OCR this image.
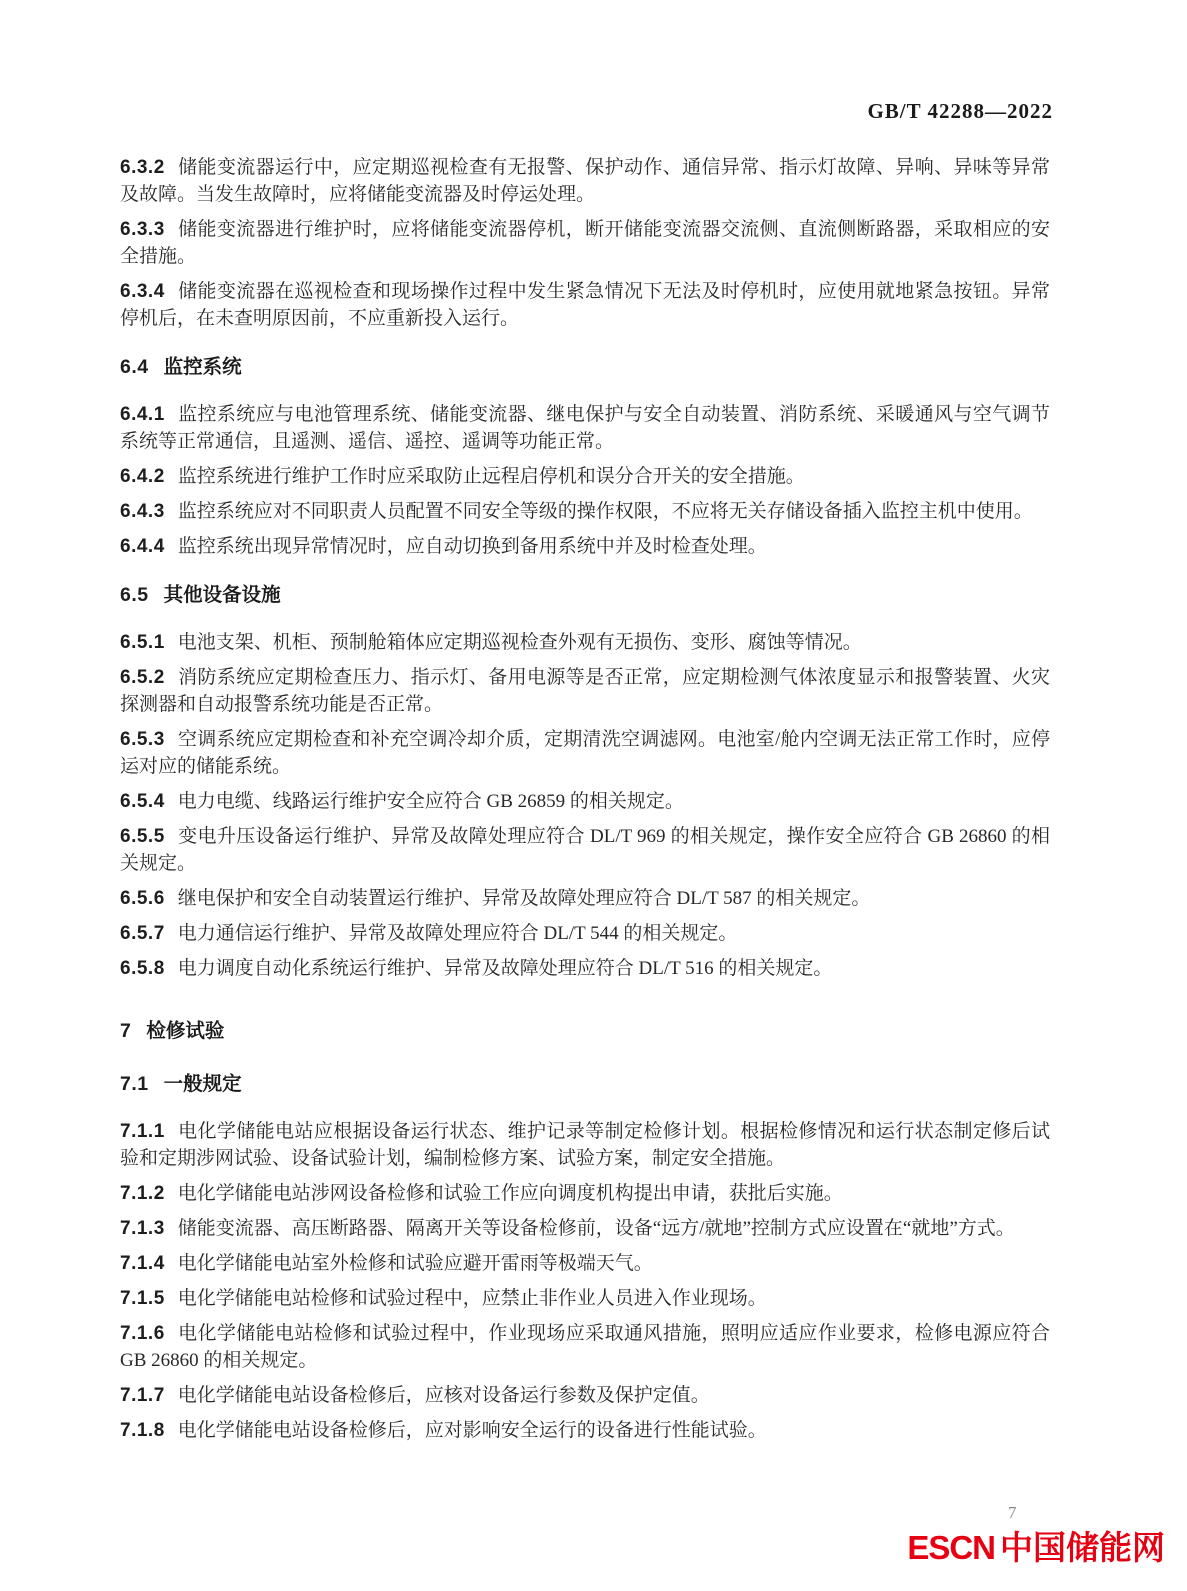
GB/T 42288—2022

6.3.2 储能变流器运行中，应定期巡视检查有无报警、保护动作、通信异常、指示灯故障、异响、异味等异常及故障。当发生故障时，应将储能变流器及时停运处理。

6.3.3 储能变流器进行维护时，应将储能变流器停机，断开储能变流器交流侧、直流侧断路器，采取相应的安全措施。

6.3.4 储能变流器在巡视检查和现场操作过程中发生紧急情况下无法及时停机时，应使用就地紧急按钮。异常停机后，在未查明原因前，不应重新投入运行。

6.4 监控系统

6.4.1 监控系统应与电池管理系统、储能变流器、继电保护与安全自动装置、消防系统、采暖通风与空气调节系统等正常通信，且遥测、遥信、遥控、遥调等功能正常。

6.4.2 监控系统进行维护工作时应采取防止远程启停机和误分合开关的安全措施。

6.4.3 监控系统应对不同职责人员配置不同安全等级的操作权限，不应将无关存储设备插入监控主机中使用。

6.4.4 监控系统出现异常情况时，应自动切换到备用系统中并及时检查处理。

6.5 其他设备设施

6.5.1 电池支架、机柜、预制舱箱体应定期巡视检查外观有无损伤、变形、腐蚀等情况。

6.5.2 消防系统应定期检查压力、指示灯、备用电源等是否正常，应定期检测气体浓度显示和报警装置、火灾探测器和自动报警系统功能是否正常。

6.5.3 空调系统应定期检查和补充空调冷却介质，定期清洗空调滤网。电池室/舱内空调无法正常工作时，应停运对应的储能系统。

6.5.4 电力电缆、线路运行维护安全应符合 GB 26859 的相关规定。

6.5.5 变电升压设备运行维护、异常及故障处理应符合 DL/T 969 的相关规定，操作安全应符合 GB 26860 的相关规定。

6.5.6 继电保护和安全自动装置运行维护、异常及故障处理应符合 DL/T 587 的相关规定。

6.5.7 电力通信运行维护、异常及故障处理应符合 DL/T 544 的相关规定。

6.5.8 电力调度自动化系统运行维护、异常及故障处理应符合 DL/T 516 的相关规定。

7 检修试验

7.1 一般规定

7.1.1 电化学储能电站应根据设备运行状态、维护记录等制定检修计划。根据检修情况和运行状态制定修后试验和定期涉网试验、设备试验计划，编制检修方案、试验方案，制定安全措施。

7.1.2 电化学储能电站涉网设备检修和试验工作应向调度机构提出申请，获批后实施。

7.1.3 储能变流器、高压断路器、隔离开关等设备检修前，设备“远方/就地”控制方式应设置在“就地”方式。

7.1.4 电化学储能电站室外检修和试验应避开雷雨等极端天气。

7.1.5 电化学储能电站检修和试验过程中，应禁止非作业人员进入作业现场。

7.1.6 电化学储能电站检修和试验过程中，作业现场应采取通风措施，照明应适应作业要求，检修电源应符合 GB 26860 的相关规定。

7.1.7 电化学储能电站设备检修后，应核对设备运行参数及保护定值。

7.1.8 电化学储能电站设备检修后，应对影响安全运行的设备进行性能试验。

7
ESCN 中国储能网
